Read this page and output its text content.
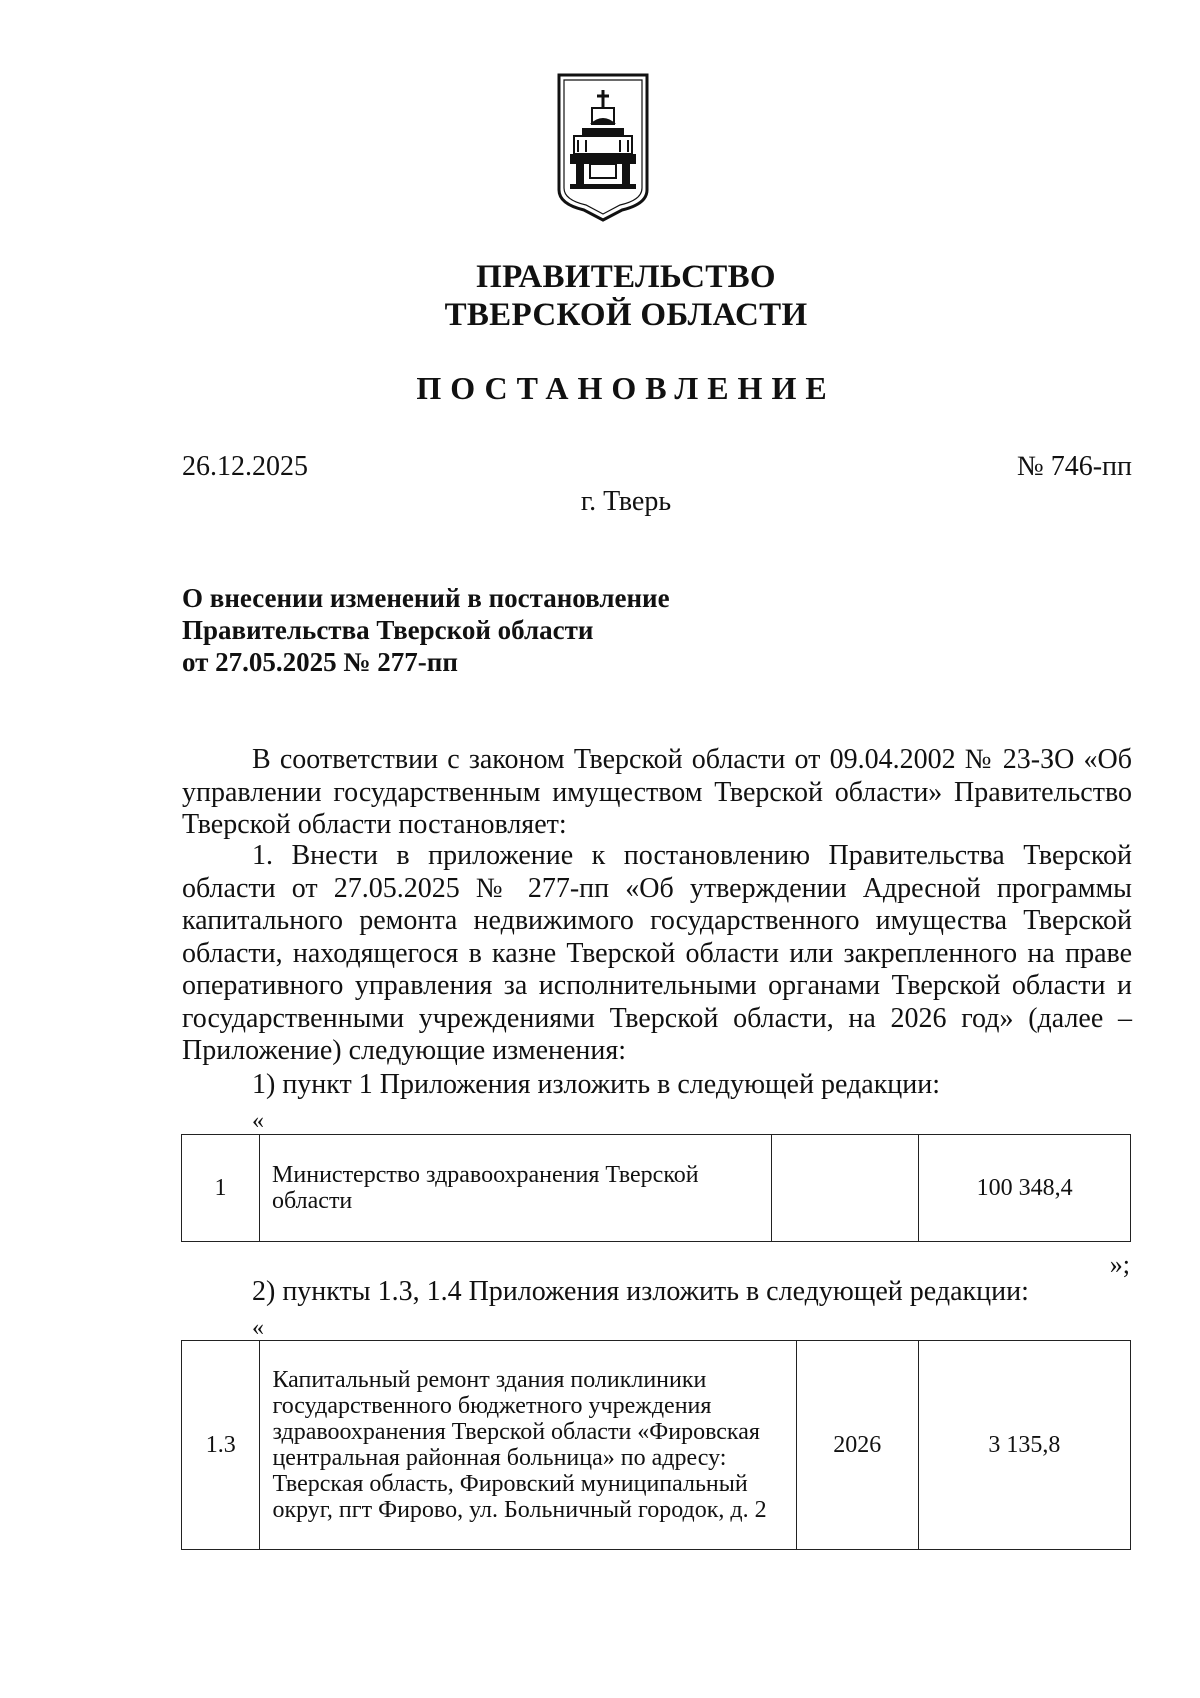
ПРАВИТЕЛЬСТВО
ТВЕРСКОЙ ОБЛАСТИ
ПОСТАНОВЛЕНИЕ
26.12.2025	№ 746-пп
г. Тверь
О внесении изменений в постановление
Правительства Тверской области
от 27.05.2025 № 277-пп

В соответствии с законом Тверской области от 09.04.2002 № 23-ЗО «Об управлении государственным имуществом Тверской области» Правительство Тверской области постановляет:

1. Внести в приложение к постановлению Правительства Тверской области от 27.05.2025 № 277-пп «Об утверждении Адресной программы капитального ремонта недвижимого государственного имущества Тверской области, находящегося в казне Тверской области или закрепленного на праве оперативного управления за исполнительными органами Тверской области и государственными учреждениями Тверской области, на 2026 год» (далее – Приложение) следующие изменения:

1) пункт 1 Приложения изложить в следующей редакции:

«
1	Министерство здравоохранения Тверской области		100 348,4
»;

2) пункты 1.3, 1.4 Приложения изложить в следующей редакции:

«
1.3	Капитальный ремонт здания поликлиники государственного бюджетного учреждения здравоохранения Тверской области «Фировская центральная районная больница» по адресу: Тверская область, Фировский муниципальный округ, пгт Фирово, ул. Больничный городок, д. 2	2026	3 135,8
